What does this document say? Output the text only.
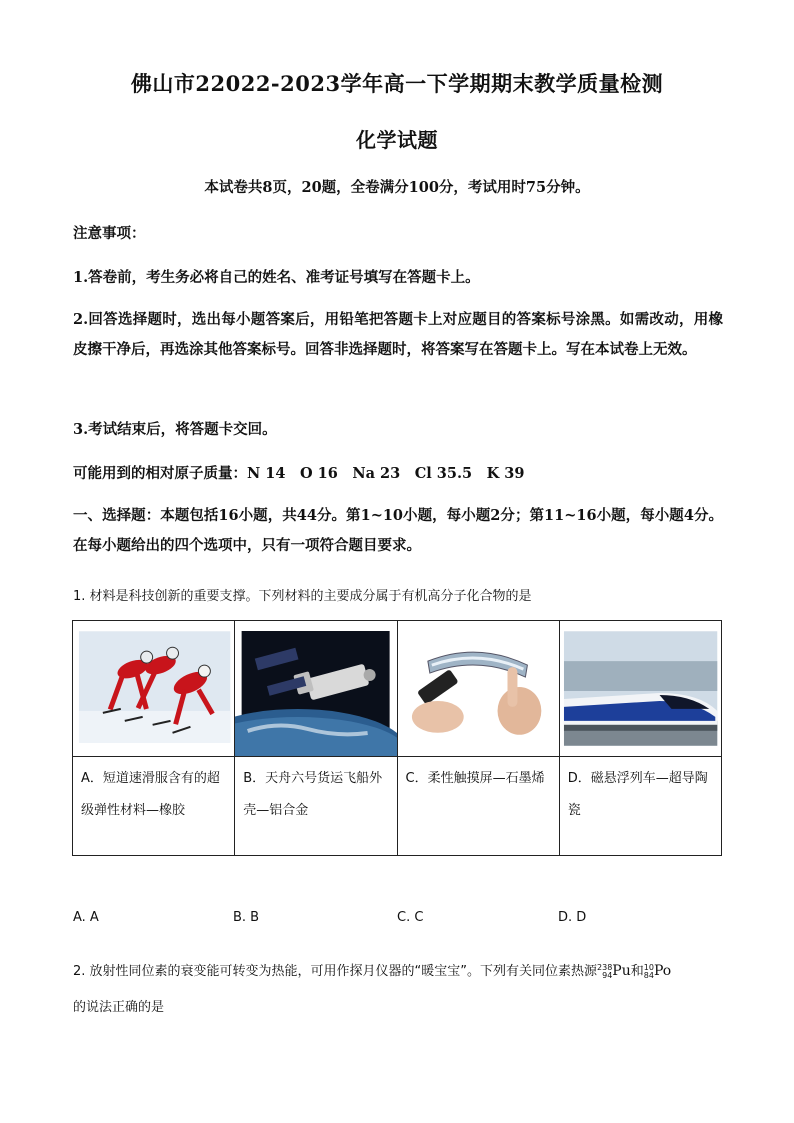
佛山市22022-2023学年高一下学期期末教学质量检测
化学试题
本试卷共8页，20题，全卷满分100分，考试用时75分钟。
注意事项：
1.答卷前，考生务必将自己的姓名、准考证号填写在答题卡上。
2.回答选择题时，选出每小题答案后，用铅笔把答题卡上对应题目的答案标号涂黑。如需改动，用橡皮擦干净后，再选涂其他答案标号。回答非选择题时，将答案写在答题卡上。写在本试卷上无效。
3.考试结束后，将答题卡交回。
可能用到的相对原子质量：N 14　O 16　Na 23　Cl 35.5　K 39
一、选择题：本题包括16小题，共44分。第1~10小题，每小题2分；第11~16小题，每小题4分。在每小题给出的四个选项中，只有一项符合题目要求。
1. 材料是科技创新的重要支撑。下列材料的主要成分属于有机高分子化合物的是

A．短道速滑服含有的超级弹性材料—橡胶	B．天舟六号货运飞船外壳—铝合金	C．柔性触摸屏—石墨烯	D．磁悬浮列车—超导陶瓷
A. A	B. B	C. C	D. D
2. 放射性同位素的衰变能可转变为热能，可用作探月仪器的“暖宝宝”。下列有关同位素热源238
94Pu和10
84Po
的说法正确的是
